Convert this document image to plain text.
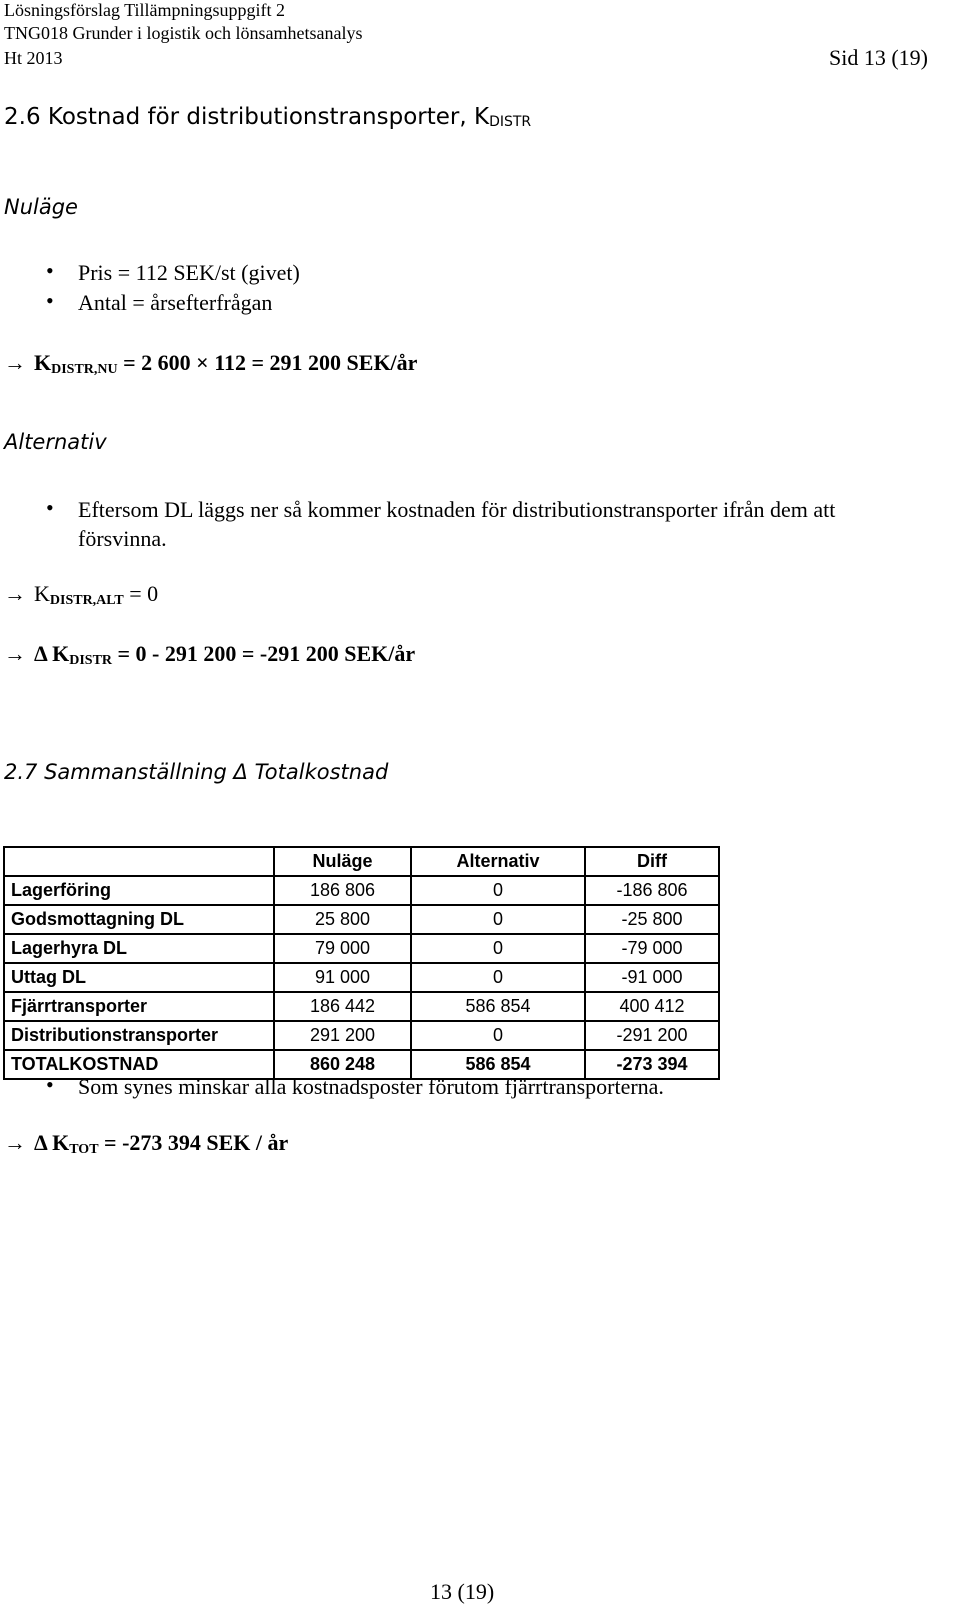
Lösningsförslag Tillämpningsuppgift 2
TNG018 Grunder i logistik och lönsamhetsanalys
Ht 2013	Sid 13 (19)
2.6 Kostnad för distributionstransporter, $K_{DISTR}$
Nuläge
• Pris = 112 SEK/st (givet)
• Antal = årsefterfrågan
→ $K_{DISTR,NU} = 2$ 600 × 112 = 291 200 SEK/år
Alternativ
• Eftersom DL läggs ner så kommer kostnaden för distributionstransporter ifrån dem att
försvinna.
→ $K_{DISTR,ALT} = 0$
→ Δ $K_{DISTR} = 0 - 291$ 200 = -291 200 SEK/år
2.7 Sammanställning Δ Totalkostnad
	Nuläge	Alternativ	Diff
Lagerföring	186 806	0	-186 806
Godsmottagning DL	25 800	0	-25 800
Lagerhyra DL	79 000	0	-79 000
Uttag DL	91 000	0	-91 000
Fjärrtransporter	186 442	586 854	400 412
Distributionstransporter	291 200	0	-291 200
TOTALKOSTNAD	860 248	586 854	-273 394
• Som synes minskar alla kostnadsposter förutom fjärrtransporterna.
→ Δ $K_{TOT} = -273$ 394 SEK / år
13 (19)
